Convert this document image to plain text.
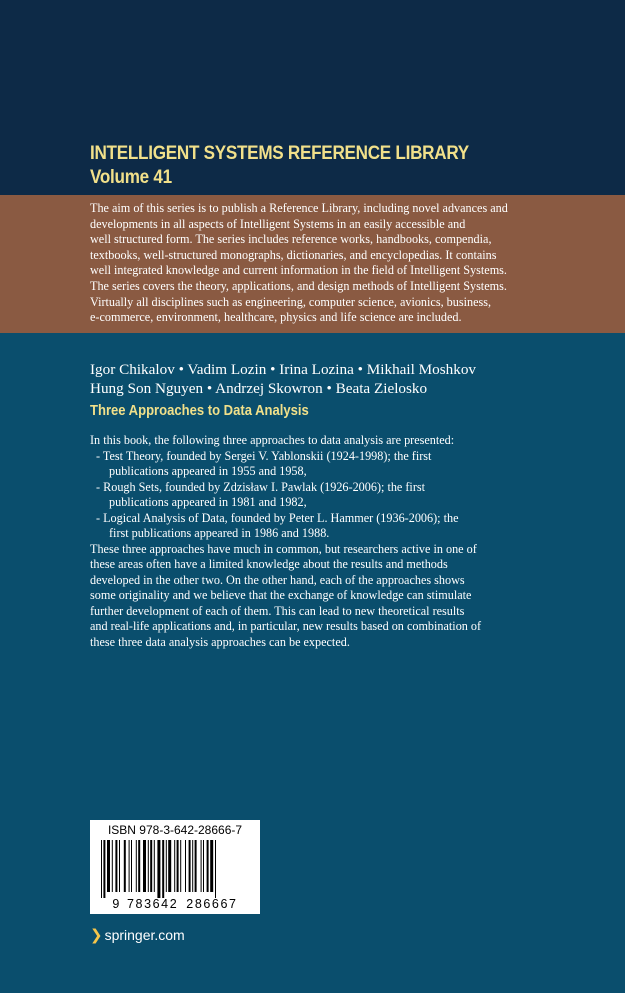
INTELLIGENT SYSTEMS REFERENCE LIBRARY
Volume 41
The aim of this series is to publish a Reference Library, including novel advances and
developments in all aspects of Intelligent Systems in an easily accessible and
well structured form. The series includes reference works, handbooks, compendia,
textbooks, well-structured monographs, dictionaries, and encyclopedias. It contains
well integrated knowledge and current information in the field of Intelligent Systems.
The series covers the theory, applications, and design methods of Intelligent Systems.
Virtually all disciplines such as engineering, computer science, avionics, business,
e-commerce, environment, healthcare, physics and life science are included.
Igor Chikalov • Vadim Lozin • Irina Lozina • Mikhail Moshkov
Hung Son Nguyen • Andrzej Skowron • Beata Zielosko
Three Approaches to Data Analysis
In this book, the following three approaches to data analysis are presented:
- Test Theory, founded by Sergei V. Yablonskii (1924-1998); the first
publications appeared in 1955 and 1958,
- Rough Sets, founded by Zdzisław I. Pawlak (1926-2006); the first
publications appeared in 1981 and 1982,
- Logical Analysis of Data, founded by Peter L. Hammer (1936-2006); the
first publications appeared in 1986 and 1988.
These three approaches have much in common, but researchers active in one of
these areas often have a limited knowledge about the results and methods
developed in the other two. On the other hand, each of the approaches shows
some originality and we believe that the exchange of knowledge can stimulate
further development of each of them. This can lead to new theoretical results
and real-life applications and, in particular, new results based on combination of
these three data analysis approaches can be expected.
ISBN 978-3-642-28666-7
9 783642 286667
❯ springer.com
